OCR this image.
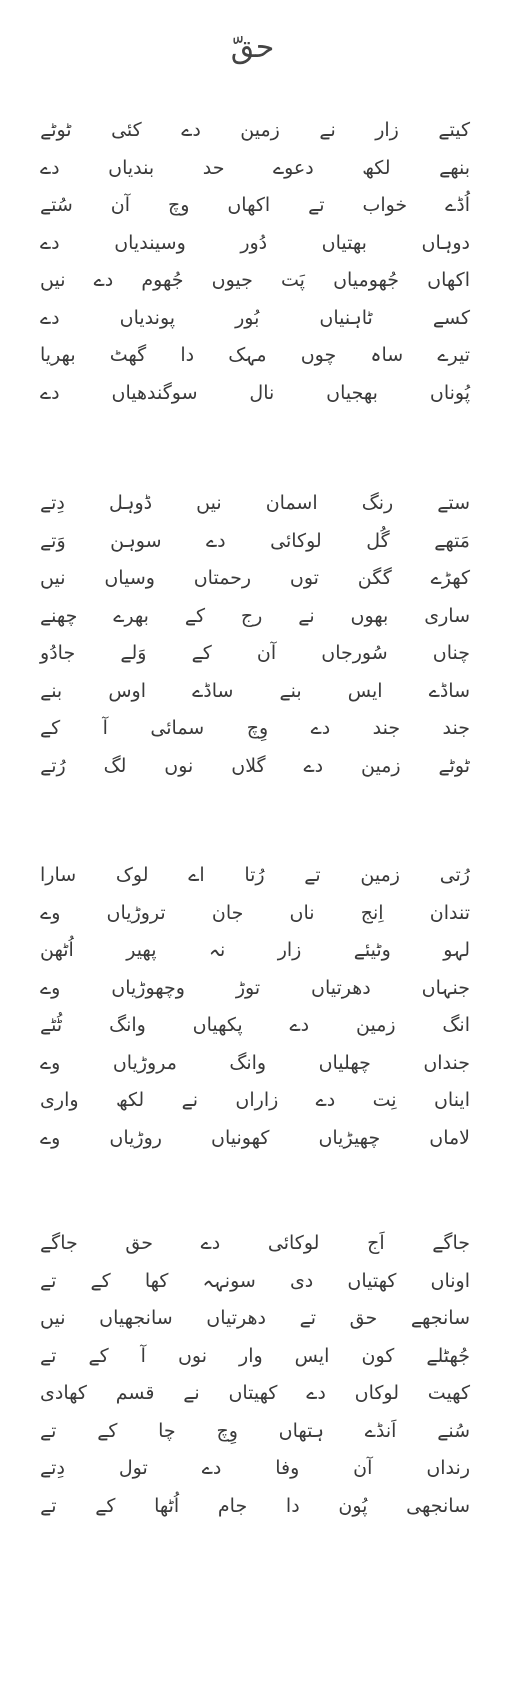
حقّ
کیتے
زار
نے
زمین
دے
کئی
ٹوٹے
بنھے
لکھ
دعوے
حد
بندیاں
دے
اُڈے
خواب
تے
اکھاں
وچ
آن
سُتے
دوہاں
بھتیاں
دُور
وسیندیاں
دے
اکھاں
جُھومیاں
پَت
جیوں
جُھوم
دے
نیں
کسے
ٹاہنیاں
بُور
پوندیاں
دے
تیرے
ساہ
چوں
مہک
دا
گھٹ
بھریا
پُوناں
بھجیاں
نال
سوگندھیاں
دے
ستے
رنگ
اسمان
نیں
ڈوہل
دِتے
مَتھے
گُل
لوکائی
دے
سوہن
وَتے
کھڑے
گگن
توں
رحمتاں
وسیاں
نیں
ساری
بھوں
نے
رج
کے
بھرے
چھنے
چناں
سُورجاں
آن
کے
وَلے
جادُو
ساڈے
ایس
بنے
ساڈے
اوس
بنے
جند
جند
دے
وِچ
سمائی
آ
کے
ٹوٹے
زمین
دے
گلاں
نوں
لگ
رُتے
رُتی
زمین
تے
رُتا
اے
لوک
سارا
تندان
اِنج
ناں
جان
تروڑیاں
وے
لہو
وٹیئے
زار
نہ
پھیر
اُٹھن
جنہاں
دھرتیاں
توڑ
وچھوڑیاں
وے
انگ
زمین
دے
پکھیاں
وانگ
ٹُٹے
جنداں
چھلیاں
وانگ
مروڑیاں
وے
ایناں
نِت
دے
زاراں
نے
لکھ
واری
لاماں
چھیڑیاں
کھونیاں
روڑیاں
وے
جاگے
اَج
لوکائی
دے
حق
جاگے
اوناں
کھتیاں
دی
سونہہ
کھا
کے
تے
سانجھے
حق
تے
دھرتیاں
سانجھیاں
نیں
جُھٹلے
کون
ایس
وار
نوں
آ
کے
تے
کھیت
لوکاں
دے
کھیتاں
نے
قسم
کھادی
سُنے
اَنڈے
ہتھاں
وِچ
چا
کے
تے
رنداں
آن
وفا
دے
تول
دِتے
سانجھی
پُون
دا
جام
اُٹھا
کے
تے
